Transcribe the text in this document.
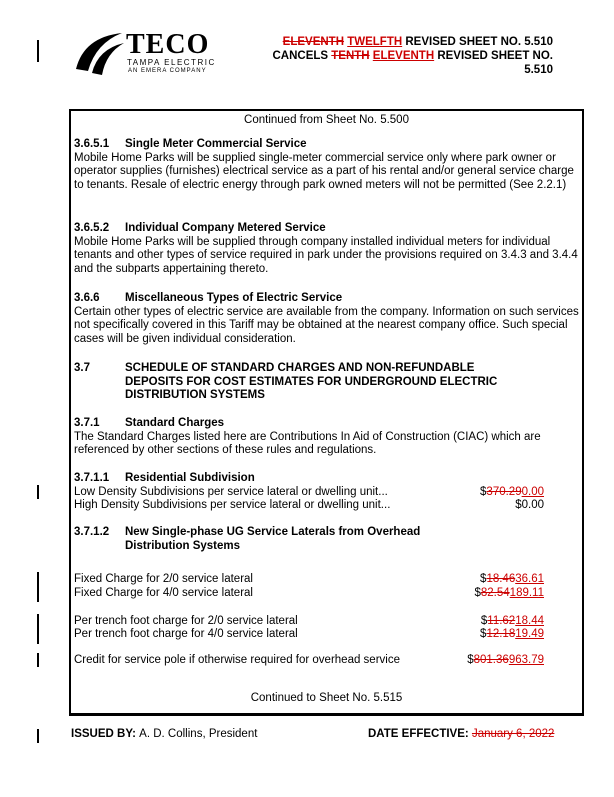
TECO
TAMPA ELECTRIC
AN EMERA COMPANY
ELEVENTH TWELFTH REVISED SHEET NO. 5.510
CANCELS TENTH ELEVENTH REVISED SHEET NO.
5.510
Continued from Sheet No. 5.500
Continued to Sheet No. 5.515
3.6.5.1 Single Meter Commercial Service
Mobile Home Parks will be supplied single-meter commercial service only where park owner or operator supplies (furnishes) electrical service as a part of his rental and/or general service charge to tenants. Resale of electric energy through park owned meters will not be permitted (See 2.2.1)
3.6.5.2 Individual Company Metered Service
Mobile Home Parks will be supplied through company installed individual meters for individual tenants and other types of service required in park under the provisions required on 3.4.3 and 3.4.4 and the subparts appertaining thereto.
3.6.6 Miscellaneous Types of Electric Service
Certain other types of electric service are available from the company. Information on such services not specifically covered in this Tariff may be obtained at the nearest company office. Such special cases will be given individual consideration.
3.7	SCHEDULE OF STANDARD CHARGES AND NON-REFUNDABLE
DEPOSITS FOR COST ESTIMATES FOR UNDERGROUND ELECTRIC
DISTRIBUTION SYSTEMS
3.7.1 Standard Charges
The Standard Charges listed here are Contributions In Aid of Construction (CIAC) which are referenced by other sections of these rules and regulations.
3.7.1.1 Residential Subdivision
Low Density Subdivisions per service lateral or dwelling unit...	$370.290.00
High Density Subdivisions per service lateral or dwelling unit...	$0.00
3.7.1.2 New Single-phase UG Service Laterals from Overhead
Distribution Systems
Fixed Charge for 2/0 service lateral	$18.4636.61
Fixed Charge for 4/0 service lateral	$82.54189.11
Per trench foot charge for 2/0 service lateral	$11.6218.44
Per trench foot charge for 4/0 service lateral	$12.1819.49
Credit for service pole if otherwise required for overhead service	$801.36963.79
ISSUED BY: A. D. Collins, President	DATE EFFECTIVE: January 6, 2022
